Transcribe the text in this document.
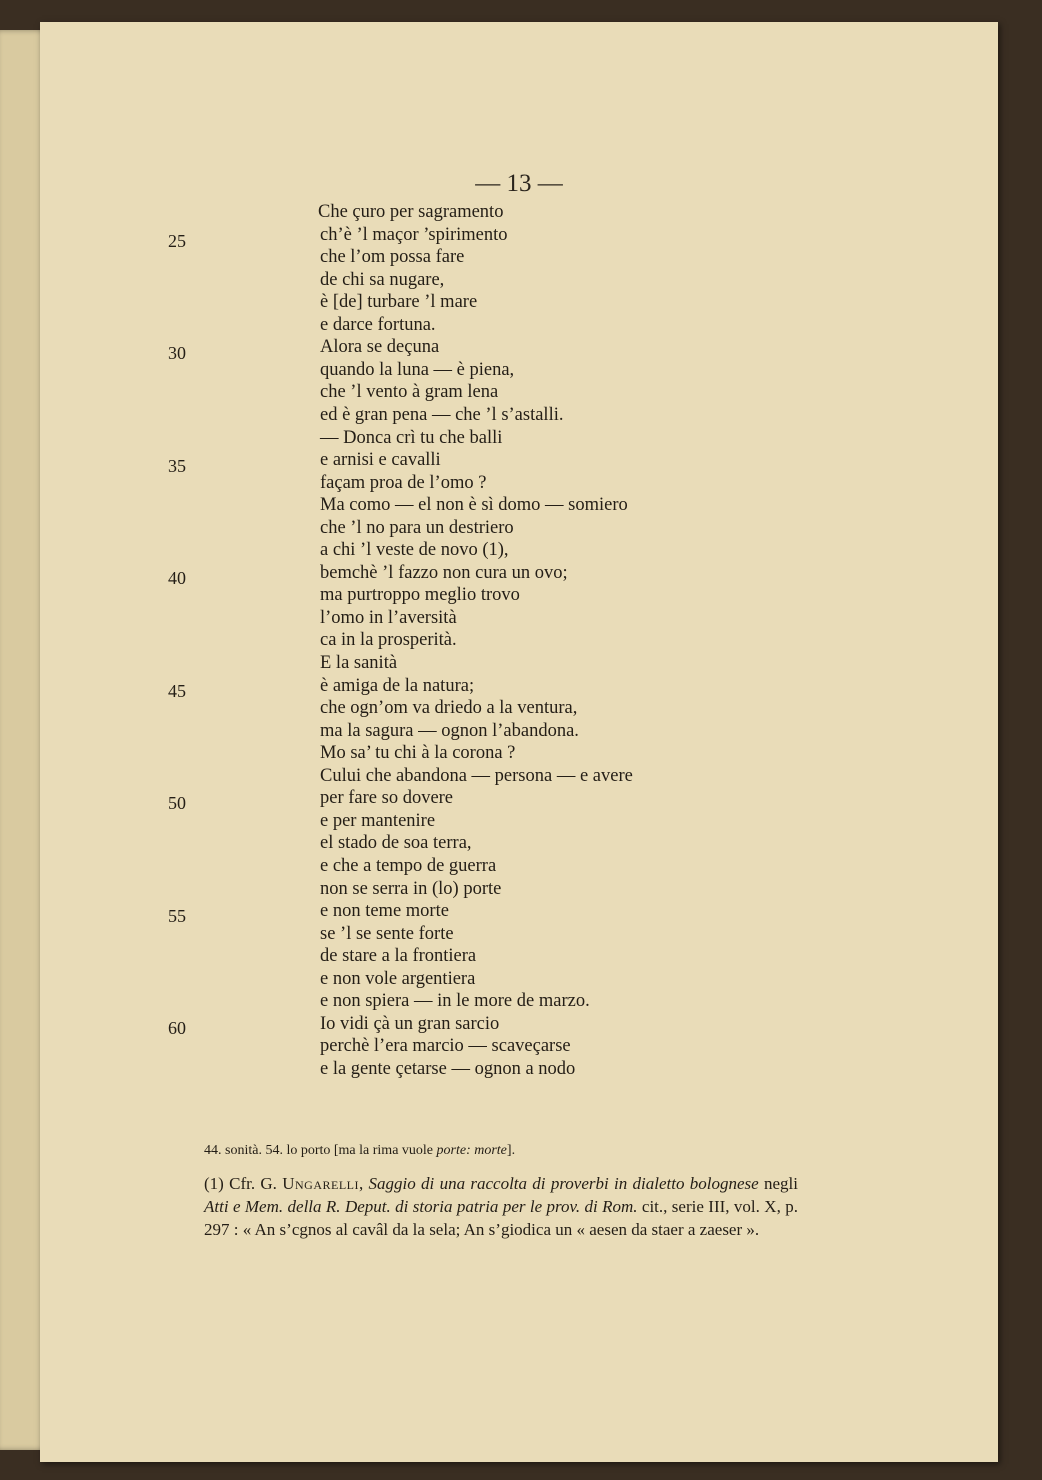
— 13 —
Che çuro per sagramento
ch’è ’l maçor ’spirimento
che l’om possa fare
de chi sa nugare,
è [de] turbare ’l mare
e darce fortuna.
Alora se deçuna
quando la luna — è piena,
che ’l vento à gram lena
ed è gran pena — che ’l s’astalli.
— Donca crì tu che balli
e arnisi e cavalli
façam proa de l’omo ?
Ma como — el non è sì domo — somiero
che ’l no para un destriero
a chi ’l veste de novo (1),
bemchè ’l fazzo non cura un ovo;
ma purtroppo meglio trovo
l’omo in l’aversità
ca in la prosperità.
E la sanità
è amiga de la natura;
che ogn’om va driedo a la ventura,
ma la sagura — ognon l’abandona.
Mo sa’ tu chi à la corona ?
Cului che abandona — persona — e avere
per fare so dovere
e per mantenire
el stado de soa terra,
e che a tempo de guerra
non se serra in (lo) porte
e non teme morte
se ’l se sente forte
de stare a la frontiera
e non vole argentiera
e non spiera — in le more de marzo.
Io vidi çà un gran sarcio
perchè l’era marcio — scaveçarse
e la gente çetarse — ognon a nodo
25
30
35
40
45
50
55
60
44. sonità. 54. lo porto [ma la rima vuole porte: morte].
(1) Cfr. G. Ungarelli, Saggio di una raccolta di proverbi in dialetto bolognese negli Atti e Mem. della R. Deput. di storia patria per le prov. di Rom. cit., serie III, vol. X, p. 297 : « An s’cgnos al cavâl da la sela; An s’giodica un « aesen da staer a zaeser ».
